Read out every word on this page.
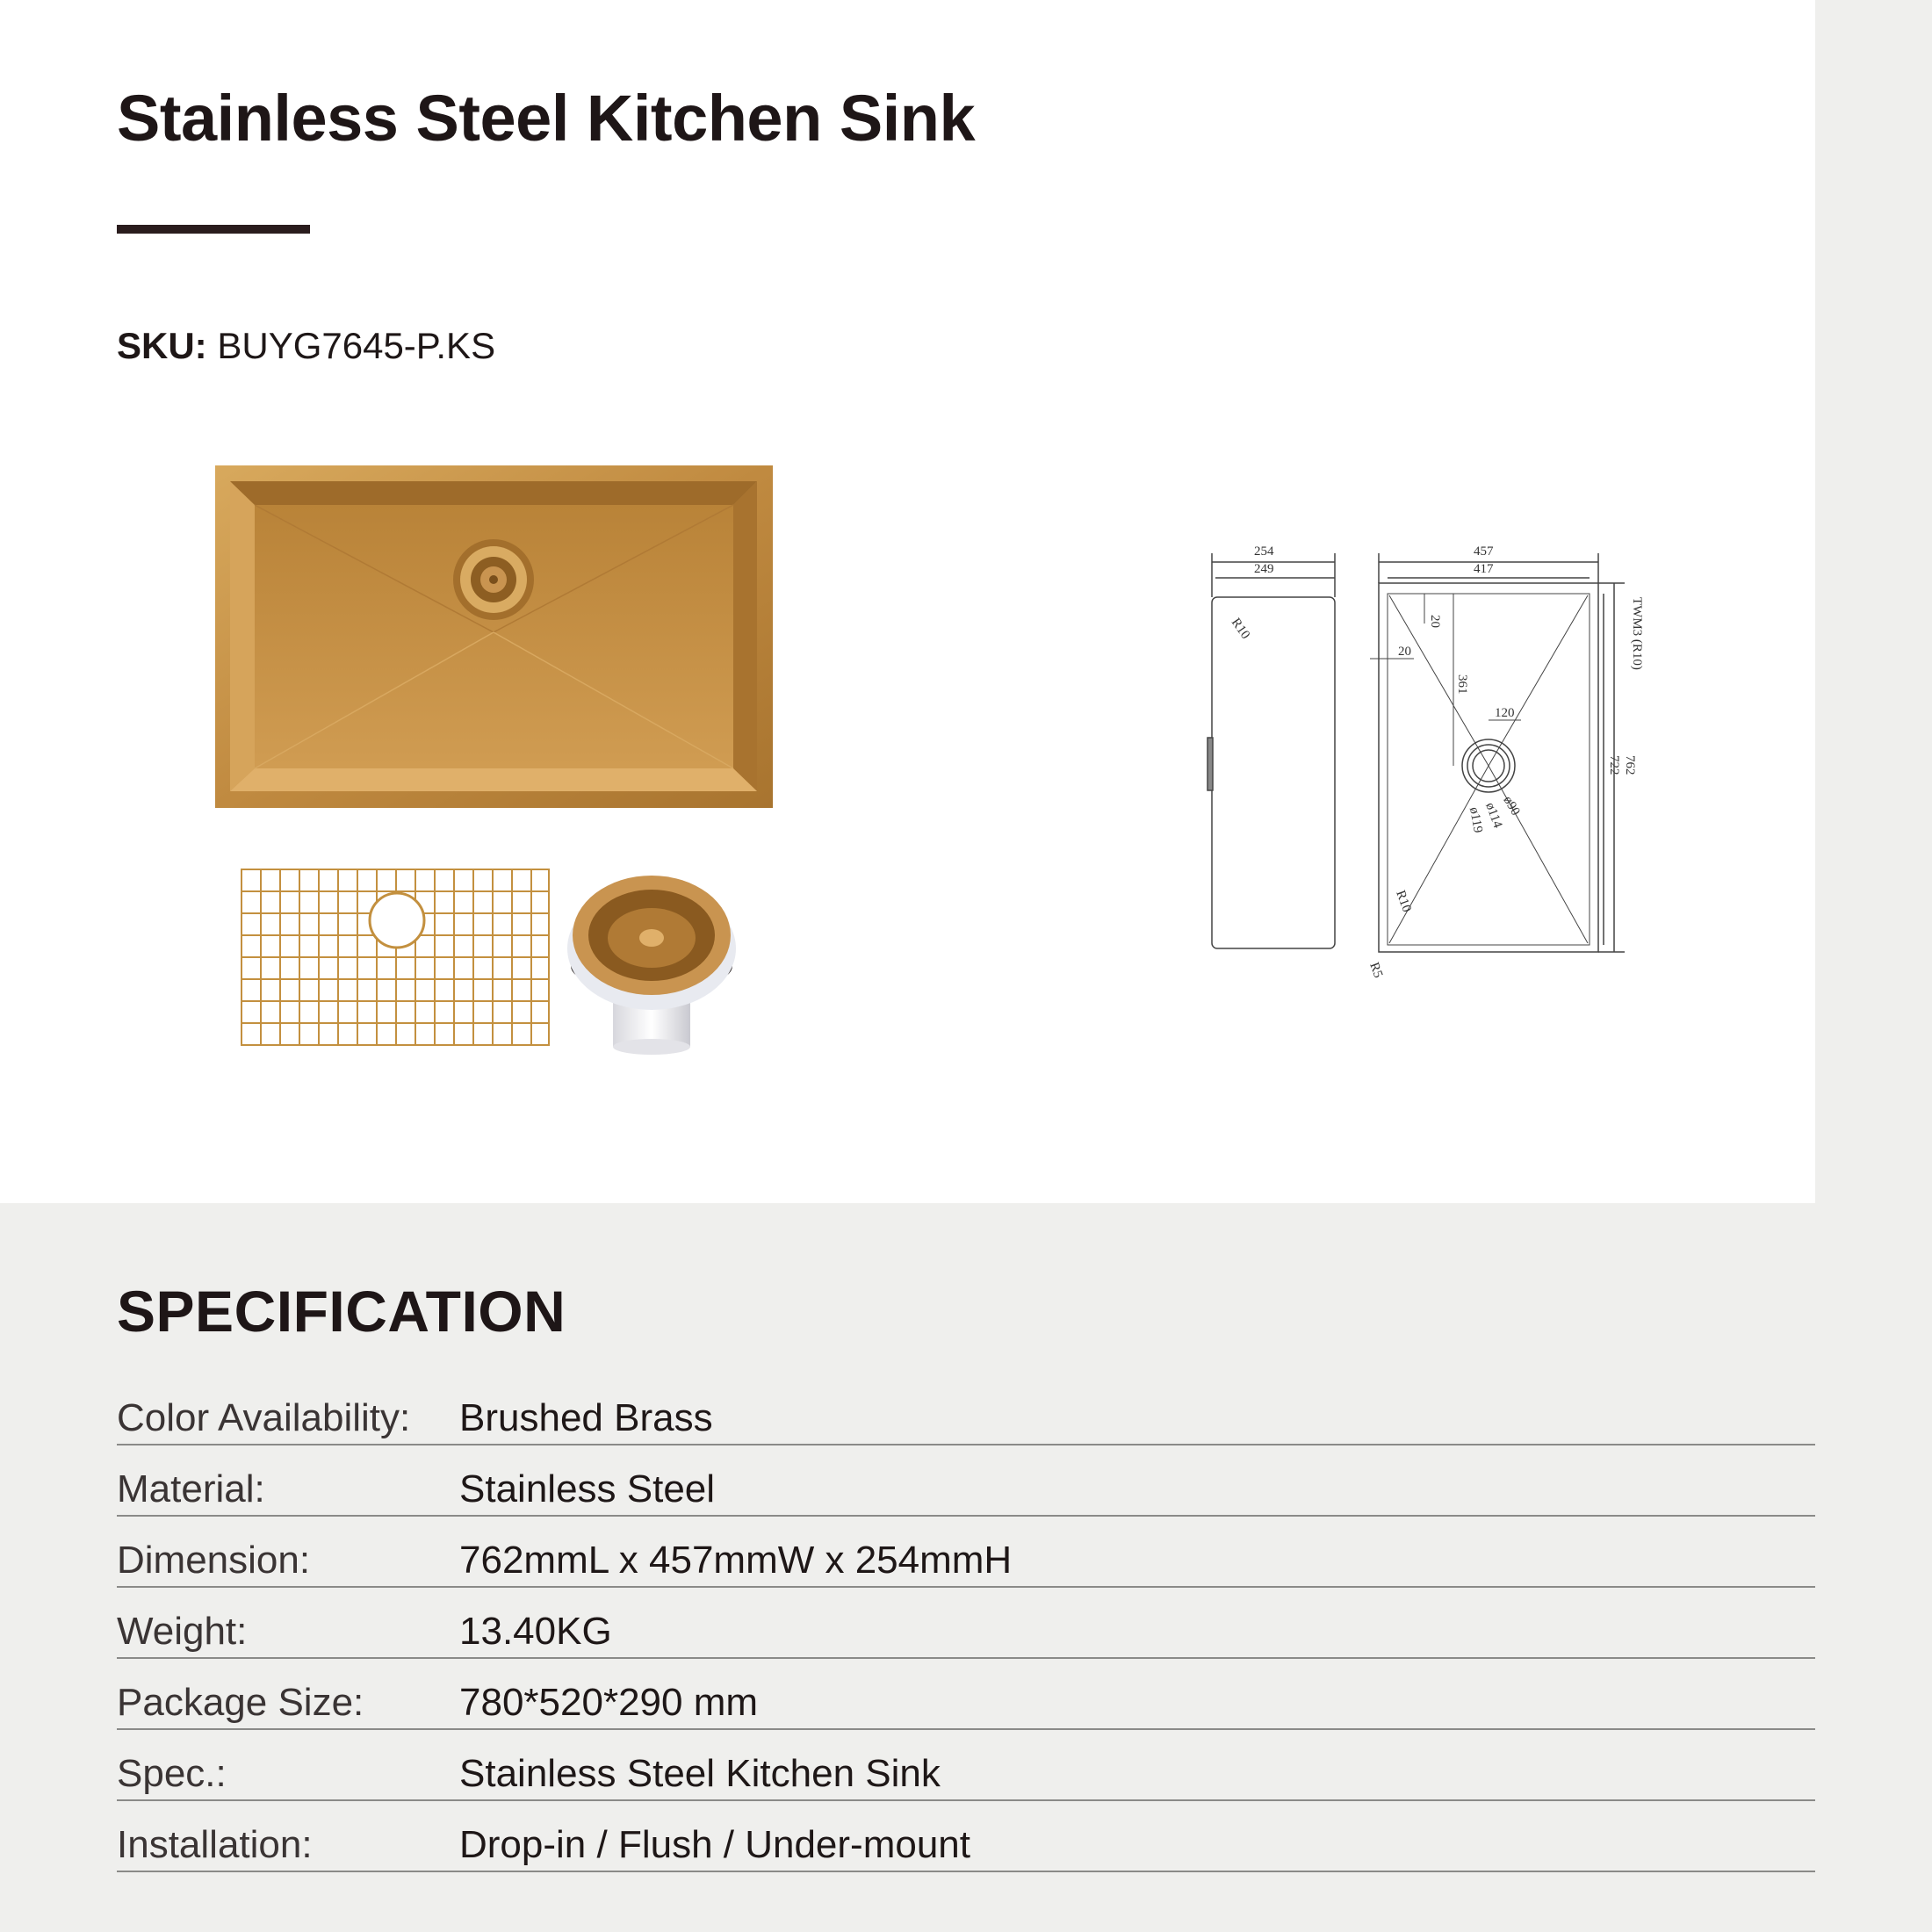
Stainless Steel Kitchen Sink
SKU: BUYG7645-P.KS
254
249
457
417
R10	20
20
361
120
762
722
TWM3 (R10)
ø90
ø114
ø119
R10
R5
SPECIFICATION
Color Availability:	Brushed Brass
Material:	Stainless Steel
Dimension:	762mmL x 457mmW x 254mmH
Weight:	13.40KG
Package Size:	780*520*290 mm
Spec.:	Stainless Steel Kitchen Sink
Installation:	Drop-in / Flush / Under-mount
